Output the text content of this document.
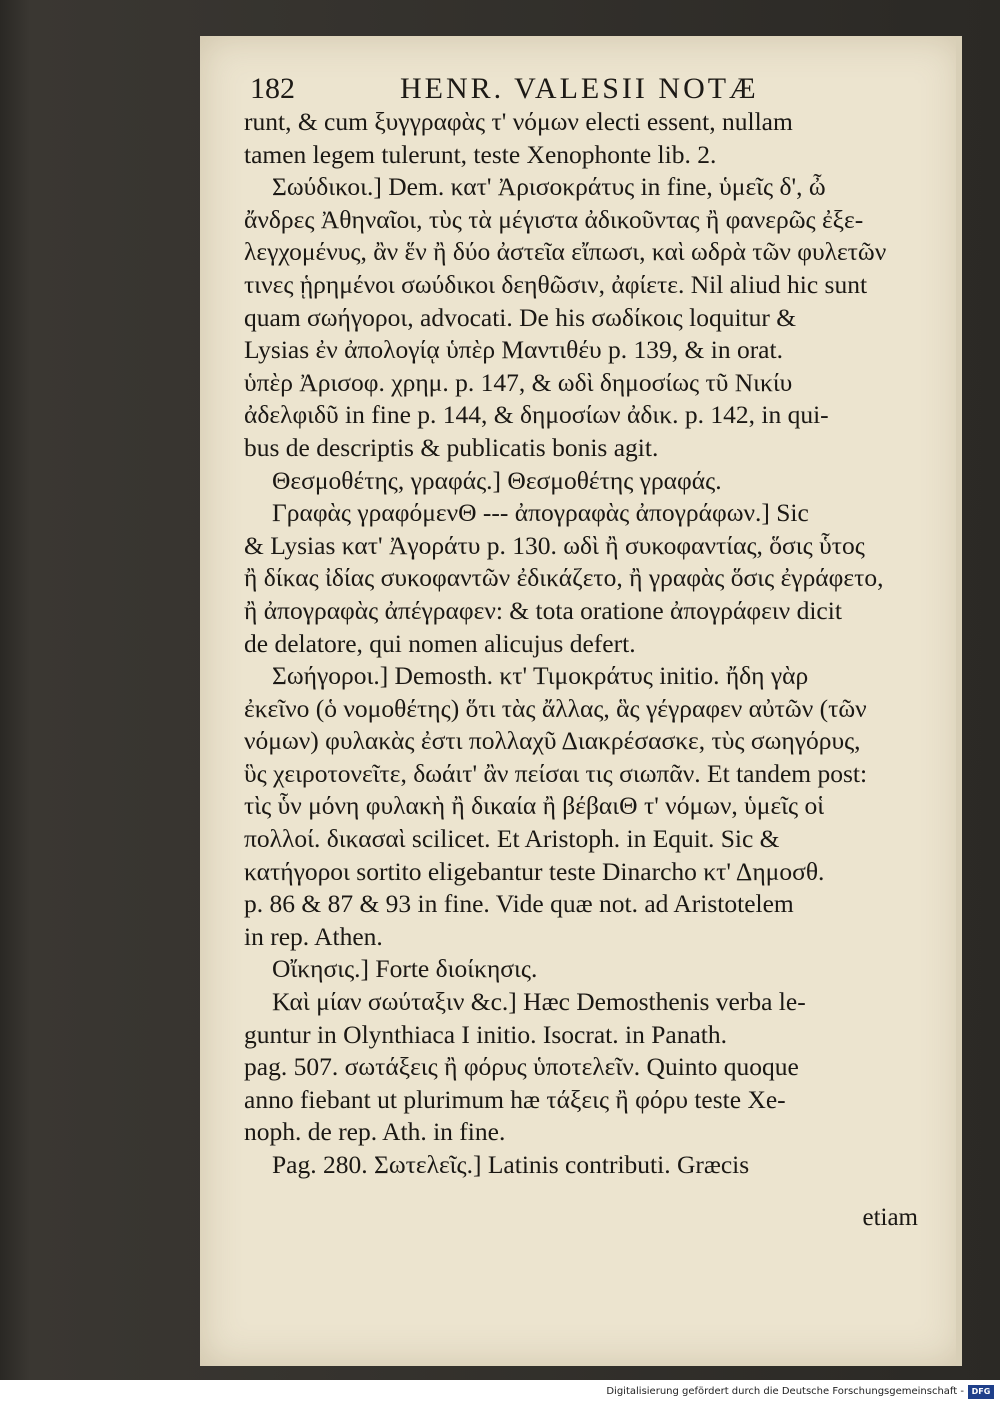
182	HENR. VALESII NOTÆ
runt, & cum ξυγγραφὰς τ' νόμων electi essent, nullam
tamen legem tulerunt, teste Xenophonte lib. 2.
Σωύδικοι.] Dem. κατ' Ἀρισοκράτυς in fine, ὑμεῖς δ', ὦ
ἄνδρες Ἀθηναῖοι, τὺς τὰ μέγιστα ἀδικοῦντας ἢ φανερῶς ἐξε-
λεγχομένυς, ἂν ἕν ἢ δύο ἀστεῖα εἴπωσι, καὶ ωδρὰ τῶν φυλετῶν
τινες ᾑρημένοι σωύδικοι δεηθῶσιν, ἀφίετε. Nil aliud hic sunt
quam σωήγοροι, advocati. De his σωδίκοις loquitur &
Lysias ἐν ἀπολογίᾳ ὑπὲρ Μαντιθέυ p. 139, & in orat.
ὑπὲρ Ἀρισοφ. χρημ. p. 147, & ωδὶ δημοσίως τῦ Νικίυ
ἀδελφιδῦ in fine p. 144, & δημοσίων ἀδικ. p. 142, in qui-
bus de descriptis & publicatis bonis agit.
Θεσμοθέτης, γραφάς.] Θεσμοθέτης γραφάς.
Γραφὰς γραφόμενΘ --- ἀπογραφὰς ἀπογράφων.] Sic
& Lysias κατ' Ἀγοράτυ p. 130. ωδὶ ἢ συκοφαντίας, ὅσις ὗτος
ἢ δίκας ἰδίας συκοφαντῶν ἐδικάζετο, ἢ γραφὰς ὅσις ἐγράφετο,
ἢ ἀπογραφὰς ἀπέγραφεν: & tota oratione ἀπογράφειν dicit
de delatore, qui nomen alicujus defert.
Σωήγοροι.] Demosth. κτ' Τιμοκράτυς initio. ἤδη γὰρ
ἐκεῖνο (ὁ νομοθέτης) ὅτι τὰς ἄλλας, ἃς γέγραφεν αὐτῶν (τῶν
νόμων) φυλακὰς ἐστι πολλαχῦ Διακρέσασκε, τὺς σωηγόρυς,
ὓς χειροτονεῖτε, δωάιτ' ἂν πείσαι τις σιωπᾶν. Et tandem post:
τὶς ὗν μόνη φυλακὴ ἢ δικαία ἢ βέβαιΘ τ' νόμων, ὑμεῖς οἱ
πολλοί. δικασαὶ scilicet. Et Aristoph. in Equit. Sic &
κατήγοροι sortito eligebantur teste Dinarcho κτ' Δημοσθ.
p. 86 & 87 & 93 in fine. Vide quæ not. ad Aristotelem
in rep. Athen.
Οἴκησις.] Forte διοίκησις.
Καὶ μίαν σωύταξιν &c.] Hæc Demosthenis verba le-
guntur in Olynthiaca I initio. Isocrat. in Panath.
pag. 507. σωτάξεις ἢ φόρυς ὑποτελεῖν. Quinto quoque
anno fiebant ut plurimum hæ τάξεις ἢ φόρυ teste Xe-
noph. de rep. Ath. in fine.
Pag. 280. Σωτελεῖς.] Latinis contributi. Græcis
etiam
Digitalisierung gefördert durch die Deutsche Forschungsgemeinschaft - DFG
